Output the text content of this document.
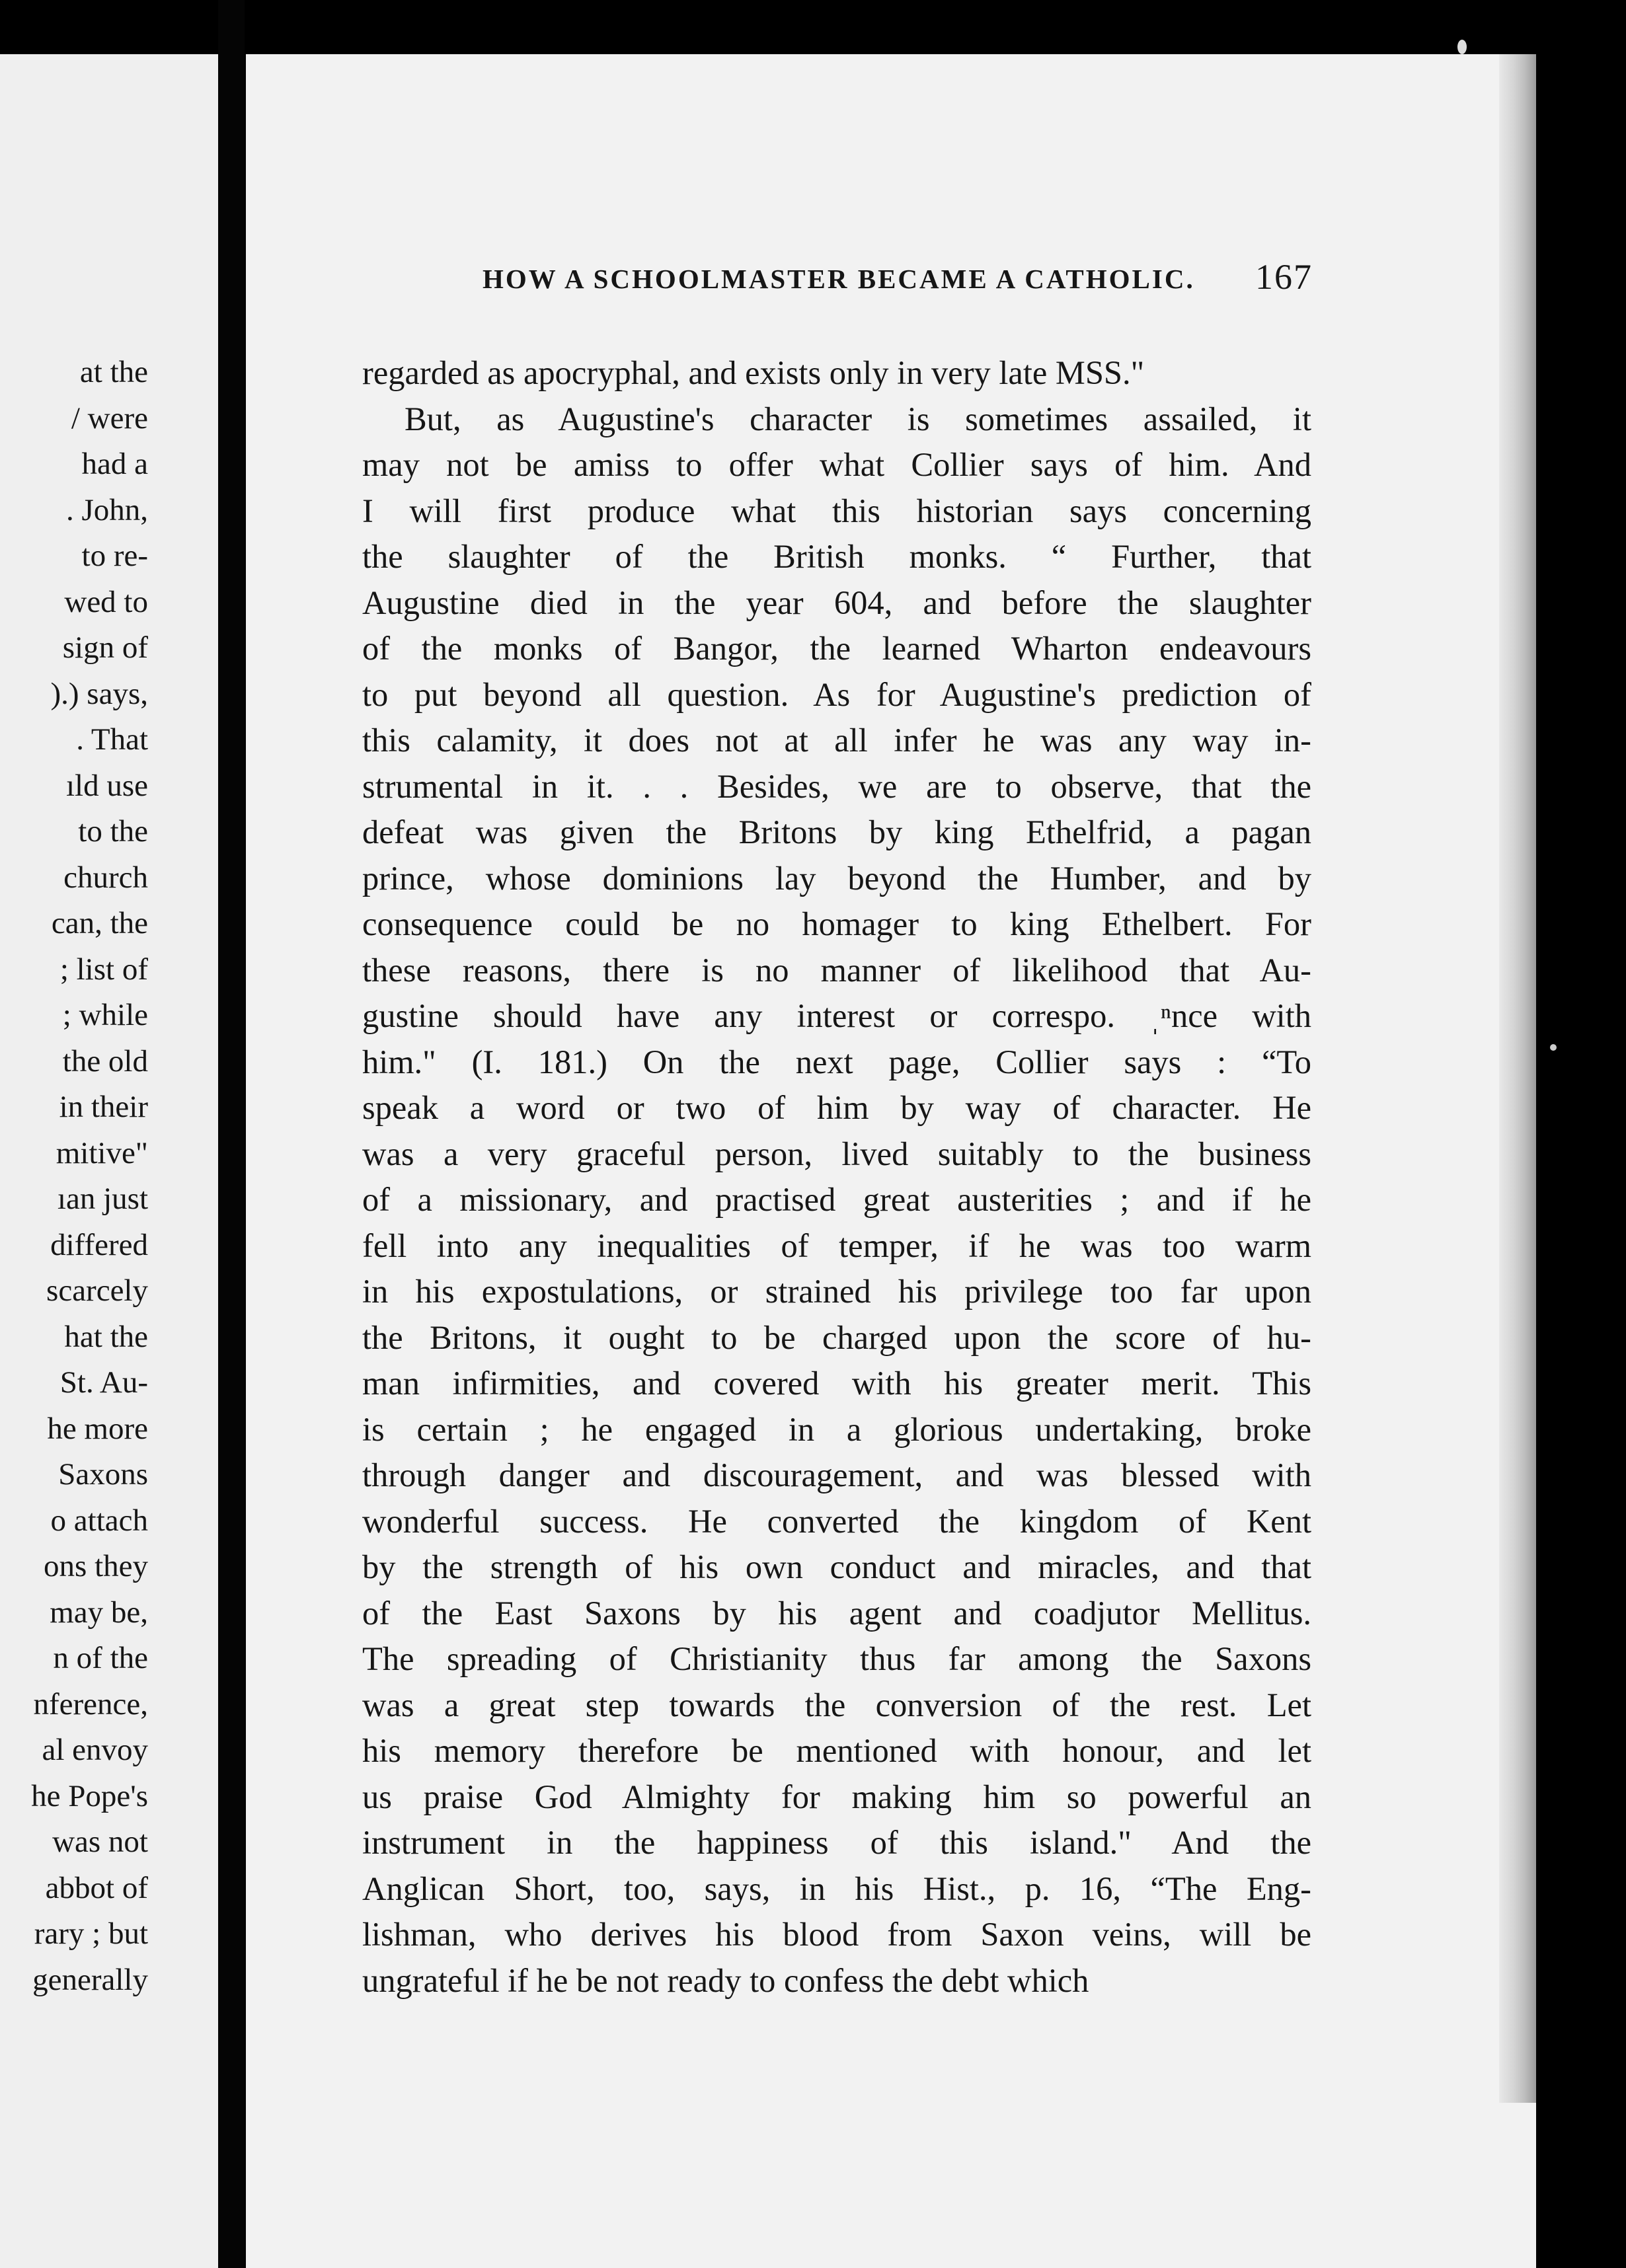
at the
/ were
had a
. John,
to re-
wed to
sign of
).) says,
. That
ıld use
to the
church
can, the
; list of
; while
the old
in their
mitive"
ıan just
differed
scarcely
hat the
St. Au-
he more
Saxons
o attach
ons they
may be,
n of the
nference,
al envoy
he Pope's
was not
abbot of
rary ; but
generally
HOW A SCHOOLMASTER BECAME A CATHOLIC. 167
regarded as apocryphal, and exists only in very late MSS."
But, as Augustine's character is sometimes assailed, it
may not be amiss to offer what Collier says of him. And
I will first produce what this historian says concerning
the slaughter of the British monks. “ Further, that
Augustine died in the year 604, and before the slaughter
of the monks of Bangor, the learned Wharton endeavours
to put beyond all question. As for Augustine's prediction of
this calamity, it does not at all infer he was any way in-
strumental in it. . . Besides, we are to observe, that the
defeat was given the Britons by king Ethelfrid, a pagan
prince, whose dominions lay beyond the Humber, and by
consequence could be no homager to king Ethelbert. For
these reasons, there is no manner of likelihood that Au-
gustine should have any interest or correspo. ˌⁿnce with
him." (I. 181.) On the next page, Collier says : “To
speak a word or two of him by way of character. He
was a very graceful person, lived suitably to the business
of a missionary, and practised great austerities ; and if he
fell into any inequalities of temper, if he was too warm
in his expostulations, or strained his privilege too far upon
the Britons, it ought to be charged upon the score of hu-
man infirmities, and covered with his greater merit. This
is certain ; he engaged in a glorious undertaking, broke
through danger and discouragement, and was blessed with
wonderful success. He converted the kingdom of Kent
by the strength of his own conduct and miracles, and that
of the East Saxons by his agent and coadjutor Mellitus.
The spreading of Christianity thus far among the Saxons
was a great step towards the conversion of the rest. Let
his memory therefore be mentioned with honour, and let
us praise God Almighty for making him so powerful an
instrument in the happiness of this island." And the
Anglican Short, too, says, in his Hist., p. 16, “The Eng-
lishman, who derives his blood from Saxon veins, will be
ungrateful if he be not ready to confess the debt which
